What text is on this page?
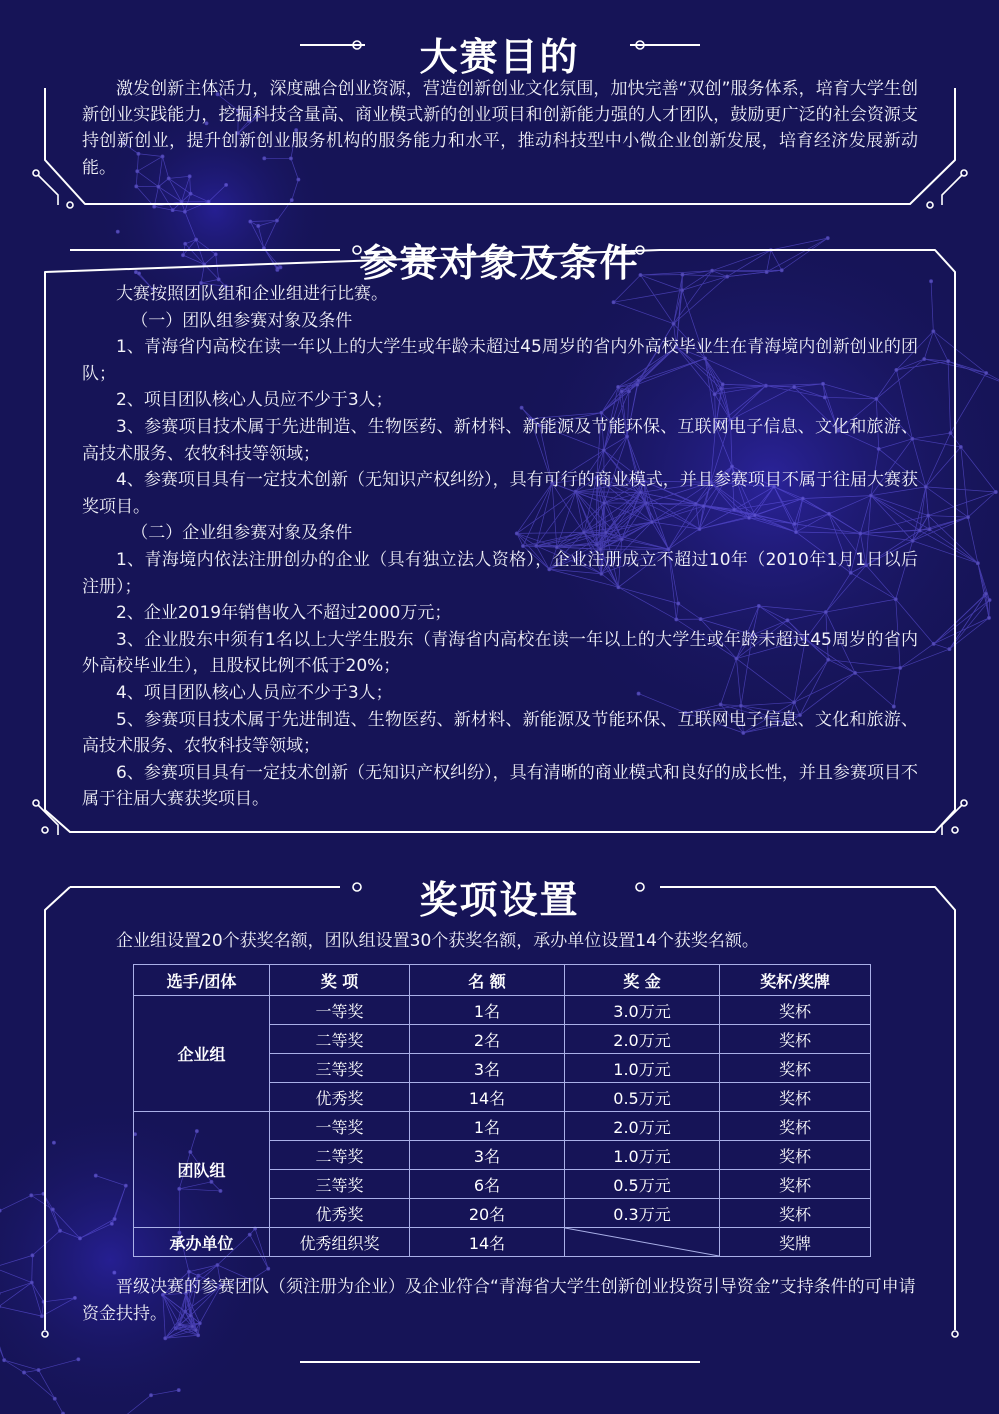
大赛目的

激发创新主体活力，深度融合创业资源，营造创新创业文化氛围，加快完善“双创”服务体系，培育大学生创新创业实践能力，挖掘科技含量高、商业模式新的创业项目和创新能力强的人才团队，鼓励更广泛的社会资源支持创新创业，提升创新创业服务机构的服务能力和水平，推动科技型中小微企业创新发展，培育经济发展新动能。

参赛对象及条件

大赛按照团队组和企业组进行比赛。

（一）团队组参赛对象及条件

1、青海省内高校在读一年以上的大学生或年龄未超过45周岁的省内外高校毕业生在青海境内创新创业的团队；

2、项目团队核心人员应不少于3人；

3、参赛项目技术属于先进制造、生物医药、新材料、新能源及节能环保、互联网电子信息、文化和旅游、高技术服务、农牧科技等领域；

4、参赛项目具有一定技术创新（无知识产权纠纷），具有可行的商业模式，并且参赛项目不属于往届大赛获奖项目。

（二）企业组参赛对象及条件

1、青海境内依法注册创办的企业（具有独立法人资格），企业注册成立不超过10年（2010年1月1日以后注册）；

2、企业2019年销售收入不超过2000万元；

3、企业股东中须有1名以上大学生股东（青海省内高校在读一年以上的大学生或年龄未超过45周岁的省内外高校毕业生），且股权比例不低于20%；

4、项目团队核心人员应不少于3人；

5、参赛项目技术属于先进制造、生物医药、新材料、新能源及节能环保、互联网电子信息、文化和旅游、高技术服务、农牧科技等领域；

6、参赛项目具有一定技术创新（无知识产权纠纷），具有清晰的商业模式和良好的成长性，并且参赛项目不属于往届大赛获奖项目。

奖项设置
企业组设置20个获奖名额，团队组设置30个获奖名额，承办单位设置14个获奖名额。
选手/团体	奖 项	名 额	奖 金	奖杯/奖牌
企业组	一等奖	1名	3.0万元	奖杯
	二等奖	2名	2.0万元	奖杯
	三等奖	3名	1.0万元	奖杯
	优秀奖	14名	0.5万元	奖杯
团队组	一等奖	1名	2.0万元	奖杯
	二等奖	3名	1.0万元	奖杯
	三等奖	6名	0.5万元	奖杯
	优秀奖	20名	0.3万元	奖杯
承办单位	优秀组织奖	14名		奖牌

晋级决赛的参赛团队（须注册为企业）及企业符合“青海省大学生创新创业投资引导资金”支持条件的可申请资金扶持。
